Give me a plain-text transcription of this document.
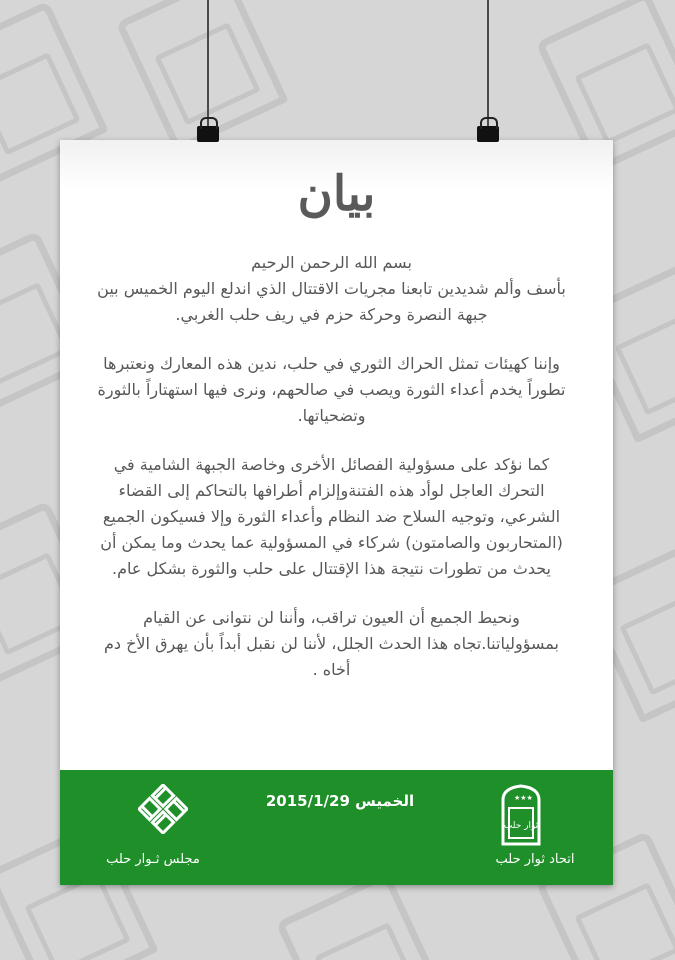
بيان

بسم الله الرحمن الرحيم

بأسف وألم شديدين تابعنا مجريات الاقتتال الذي اندلع اليوم الخميس بين جبهة النصرة وحركة حزم في ريف حلب الغربي.

وإننا كهيئات تمثل الحراك الثوري في حلب، ندين هذه المعارك ونعتبرها تطوراً يخدم أعداء الثورة ويصب في صالحهم، ونرى فيها استهتاراً بالثورة وتضحياتها.

كما نؤكد على مسؤولية الفصائل الأخرى وخاصة الجبهة الشامية في التحرك العاجل لوأد هذه الفتنةوإلزام أطرافها بالتحاكم إلى القضاء الشرعي، وتوجيه السلاح ضد النظام وأعداء الثورة وإلا فسيكون الجميع (المتحاربون والصامتون) شركاء في المسؤولية عما يحدث وما يمكن أن يحدث من تطورات نتيجة هذا الإقتتال على حلب والثورة بشكل عام.

ونحيط الجميع أن العيون تراقب، وأننا لن نتوانى عن القيام بمسؤولياتنا.تجاه هذا الحدث الجلل، لأننا لن نقبل أبداً بأن يهرق الأخ دم أخاه .

الخميس 2015/1/29	★★★
ثوار حلب
اتحاد ثوار حلب
مجلس ثـوار حلب
